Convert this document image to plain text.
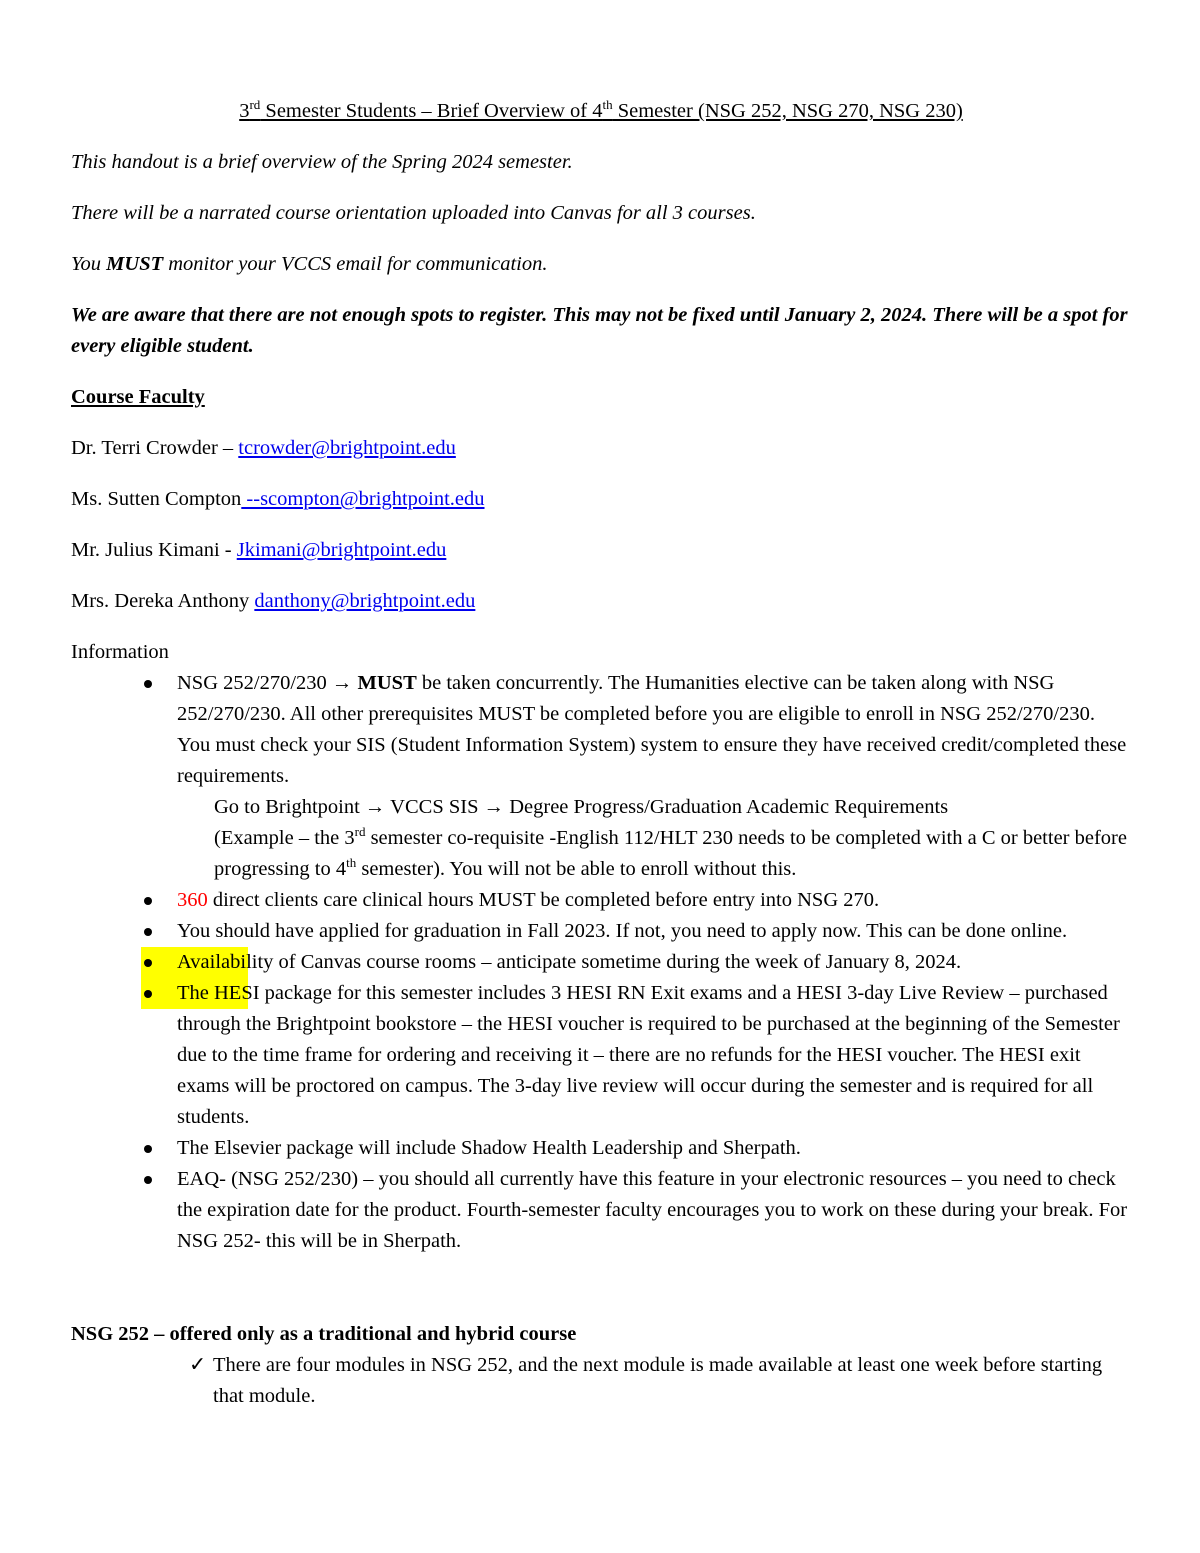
3rd Semester Students – Brief Overview of 4th Semester (NSG 252, NSG 270, NSG 230)
This handout is a brief overview of the Spring 2024 semester.
There will be a narrated course orientation uploaded into Canvas for all 3 courses.
You MUST monitor your VCCS email for communication.
We are aware that there are not enough spots to register. This may not be fixed until January 2, 2024. There will be a spot for every eligible student.
Course Faculty
Dr. Terri Crowder – tcrowder@brightpoint.edu
Ms. Sutten Compton --scompton@brightpoint.edu
Mr. Julius Kimani - Jkimani@brightpoint.edu
Mrs. Dereka Anthony danthony@brightpoint.edu
Information
NSG 252/270/230 → MUST be taken concurrently. The Humanities elective can be taken along with NSG 252/270/230. All other prerequisites MUST be completed before you are eligible to enroll in NSG 252/270/230. You must check your SIS (Student Information System) system to ensure they have received credit/completed these requirements.
Go to Brightpoint → VCCS SIS → Degree Progress/Graduation Academic Requirements
(Example – the 3rd semester co-requisite -English 112/HLT 230 needs to be completed with a C or better before progressing to 4th semester). You will not be able to enroll without this.
360 direct clients care clinical hours MUST be completed before entry into NSG 270.
You should have applied for graduation in Fall 2023. If not, you need to apply now. This can be done online.
Availability of Canvas course rooms – anticipate sometime during the week of January 8, 2024.
The HESI package for this semester includes 3 HESI RN Exit exams and a HESI 3-day Live Review – purchased through the Brightpoint bookstore – the HESI voucher is required to be purchased at the beginning of the Semester due to the time frame for ordering and receiving it – there are no refunds for the HESI voucher. The HESI exit exams will be proctored on campus. The 3-day live review will occur during the semester and is required for all students.
The Elsevier package will include Shadow Health Leadership and Sherpath.
EAQ- (NSG 252/230) – you should all currently have this feature in your electronic resources – you need to check the expiration date for the product. Fourth-semester faculty encourages you to work on these during your break. For NSG 252- this will be in Sherpath.
NSG 252 – offered only as a traditional and hybrid course
✓ There are four modules in NSG 252, and the next module is made available at least one week before starting that module.
